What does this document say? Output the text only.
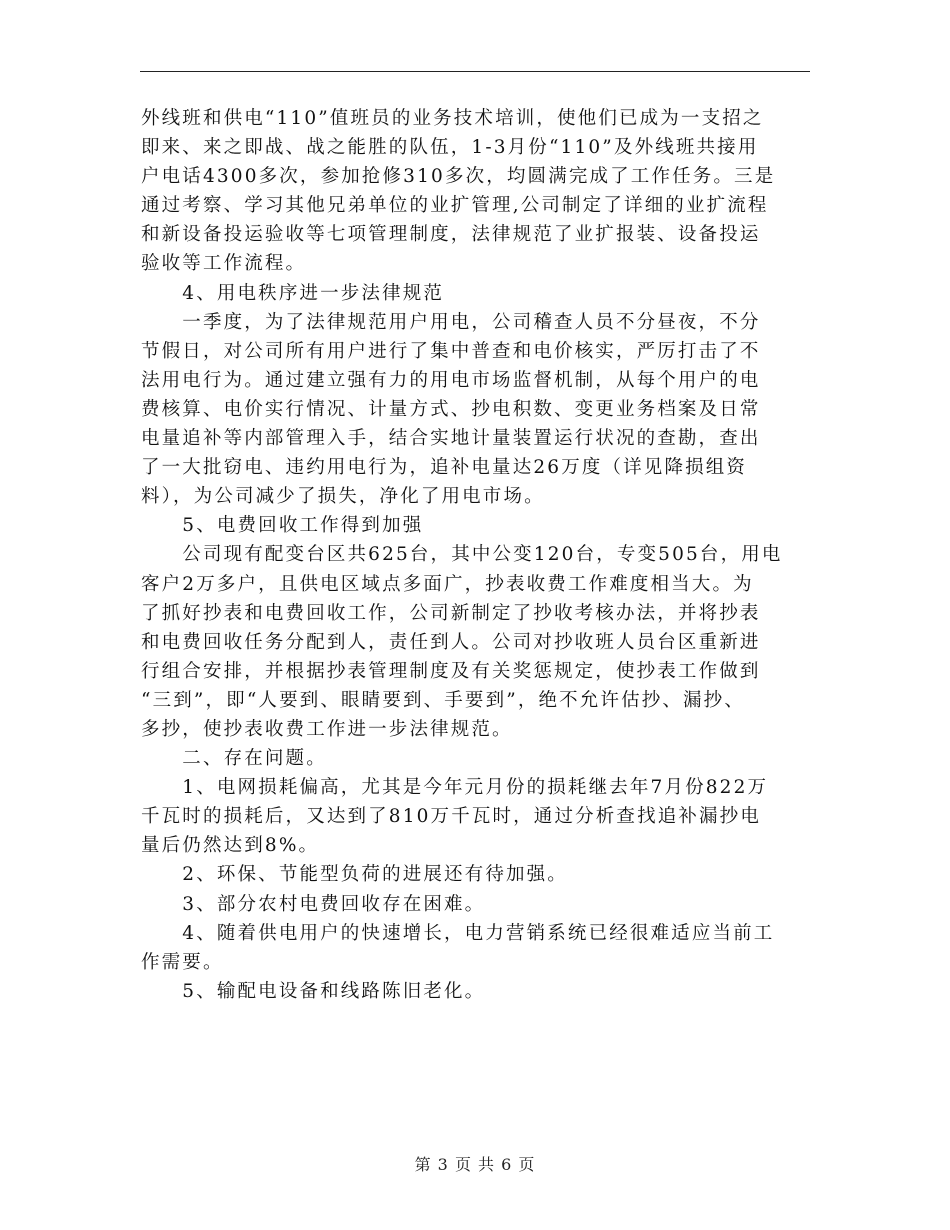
外线班和供电“110”值班员的业务技术培训，使他们已成为一支招之
即来、来之即战、战之能胜的队伍，1-3月份“110”及外线班共接用
户电话4300多次，参加抢修310多次，均圆满完成了工作任务。三是
通过考察、学习其他兄弟单位的业扩管理,公司制定了详细的业扩流程
和新设备投运验收等七项管理制度，法律规范了业扩报装、设备投运
验收等工作流程。
　　4、用电秩序进一步法律规范
　　一季度，为了法律规范用户用电，公司稽查人员不分昼夜，不分
节假日，对公司所有用户进行了集中普查和电价核实，严厉打击了不
法用电行为。通过建立强有力的用电市场监督机制，从每个用户的电
费核算、电价实行情况、计量方式、抄电积数、变更业务档案及日常
电量追补等内部管理入手，结合实地计量装置运行状况的查勘，查出
了一大批窃电、违约用电行为，追补电量达26万度（详见降损组资
料），为公司减少了损失，净化了用电市场。
　　5、电费回收工作得到加强
　　公司现有配变台区共625台，其中公变120台，专变505台，用电
客户2万多户，且供电区域点多面广，抄表收费工作难度相当大。为
了抓好抄表和电费回收工作，公司新制定了抄收考核办法，并将抄表
和电费回收任务分配到人，责任到人。公司对抄收班人员台区重新进
行组合安排，并根据抄表管理制度及有关奖惩规定，使抄表工作做到
“三到”，即“人要到、眼睛要到、手要到”，绝不允许估抄、漏抄、
多抄，使抄表收费工作进一步法律规范。
　　二、存在问题。
　　1、电网损耗偏高，尤其是今年元月份的损耗继去年7月份822万
千瓦时的损耗后，又达到了810万千瓦时，通过分析查找追补漏抄电
量后仍然达到8%。
　　2、环保、节能型负荷的进展还有待加强。
　　3、部分农村电费回收存在困难。
　　4、随着供电用户的快速增长，电力营销系统已经很难适应当前工
作需要。
　　5、输配电设备和线路陈旧老化。
第 3 页 共 6 页
